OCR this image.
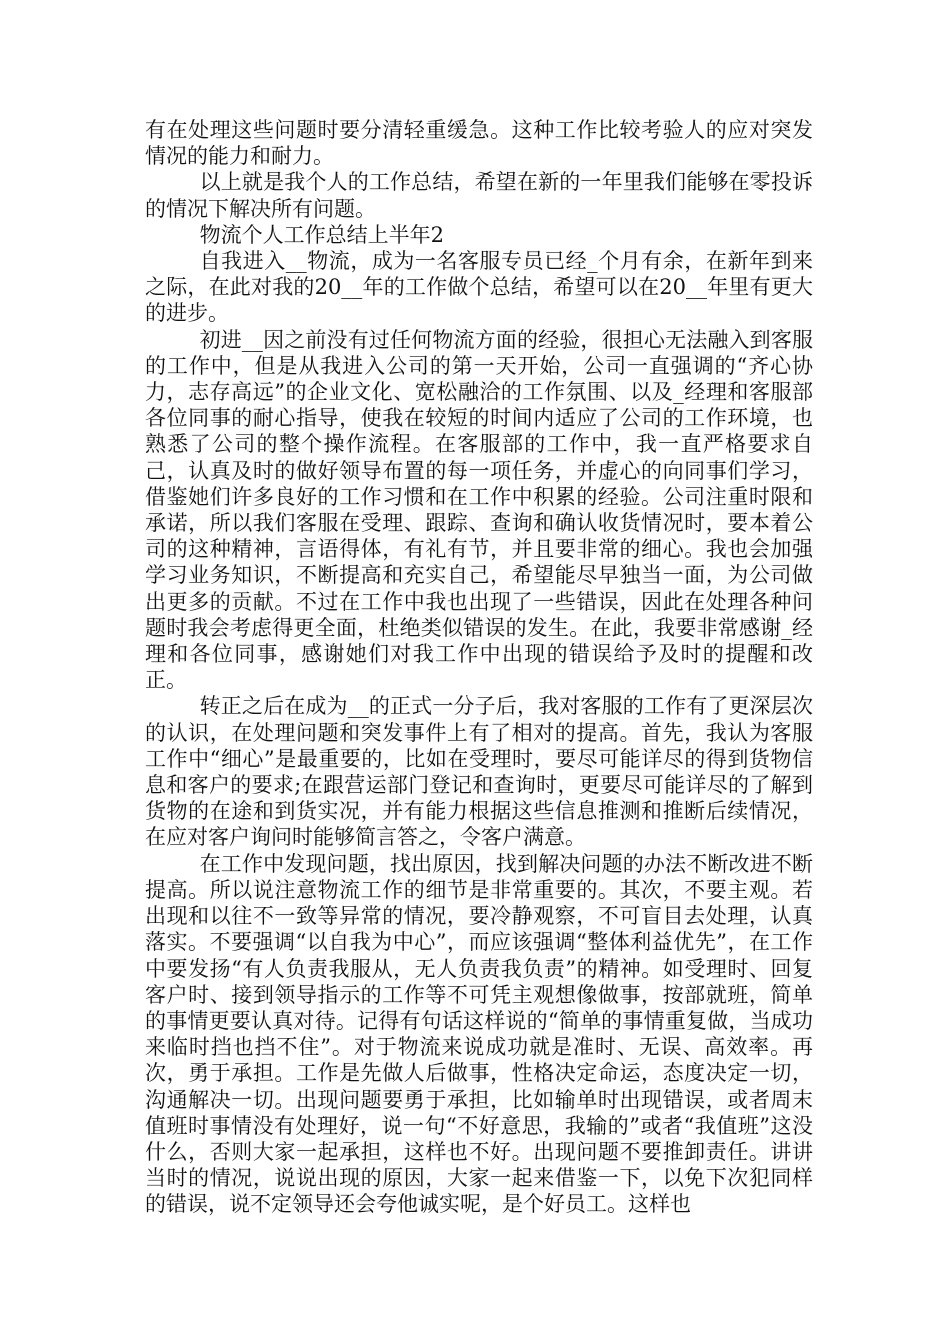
有在处理这些问题时要分清轻重缓急。这种工作比较考验人的应对突发情况的能力和耐力。

以上就是我个人的工作总结，希望在新的一年里我们能够在零投诉的情况下解决所有问题。

物流个人工作总结上半年2

自我进入__物流，成为一名客服专员已经_个月有余，在新年到来之际，在此对我的20__年的工作做个总结，希望可以在20__年里有更大的进步。

初进__因之前没有过任何物流方面的经验，很担心无法融入到客服的工作中，但是从我进入公司的第一天开始，公司一直强调的“齐心协力，志存高远”的企业文化、宽松融洽的工作氛围、以及_经理和客服部各位同事的耐心指导，使我在较短的时间内适应了公司的工作环境，也熟悉了公司的整个操作流程。在客服部的工作中，我一直严格要求自己，认真及时的做好领导布置的每一项任务，并虚心的向同事们学习，借鉴她们许多良好的工作习惯和在工作中积累的经验。公司注重时限和承诺，所以我们客服在受理、跟踪、查询和确认收货情况时，要本着公司的这种精神，言语得体，有礼有节，并且要非常的细心。我也会加强学习业务知识，不断提高和充实自己，希望能尽早独当一面，为公司做出更多的贡献。不过在工作中我也出现了一些错误，因此在处理各种问题时我会考虑得更全面，杜绝类似错误的发生。在此，我要非常感谢_经理和各位同事，感谢她们对我工作中出现的错误给予及时的提醒和改正。

转正之后在成为__的正式一分子后，我对客服的工作有了更深层次的认识，在处理问题和突发事件上有了相对的提高。首先，我认为客服工作中“细心”是最重要的，比如在受理时，要尽可能详尽的得到货物信息和客户的要求;在跟营运部门登记和查询时，更要尽可能详尽的了解到货物的在途和到货实况，并有能力根据这些信息推测和推断后续情况，在应对客户询问时能够简言答之，令客户满意。

在工作中发现问题，找出原因，找到解决问题的办法不断改进不断提高。所以说注意物流工作的细节是非常重要的。其次，不要主观。若出现和以往不一致等异常的情况，要冷静观察，不可盲目去处理，认真落实。不要强调“以自我为中心”，而应该强调“整体利益优先”，在工作中要发扬“有人负责我服从，无人负责我负责”的精神。如受理时、回复客户时、接到领导指示的工作等不可凭主观想像做事，按部就班，简单的事情更要认真对待。记得有句话这样说的“简单的事情重复做，当成功来临时挡也挡不住”。对于物流来说成功就是准时、无误、高效率。再次，勇于承担。工作是先做人后做事，性格决定命运，态度决定一切，沟通解决一切。出现问题要勇于承担，比如输单时出现错误，或者周末值班时事情没有处理好，说一句“不好意思，我输的”或者“我值班”这没什么，否则大家一起承担，这样也不好。出现问题不要推卸责任。讲讲当时的情况，说说出现的原因，大家一起来借鉴一下，以免下次犯同样的错误，说不定领导还会夸他诚实呢，是个好员工。这样也
